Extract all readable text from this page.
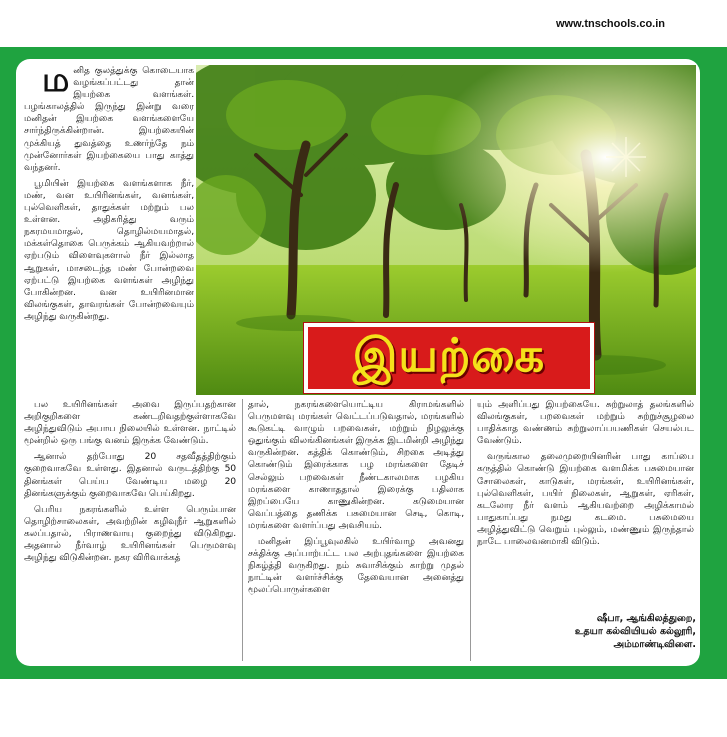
www.tnschools.co.in
இயற்கை

மனித குலத்துக்கு கொடையாக வழங்கப்பட்டது தான் இயற்கை வளங்கள். பழங்காலத்தில் இருந்து இன்று வரை மனிதன் இயற்கை வளங்களையே சார்ந்திருக்கின்றான். இயற்கையின் முக்கியத் துவத்தை உணர்ந்தே நம் முன்னோர்கள் இயற்கையை பாது காத்து வந்தனர்.

பூமியின் இயற்கை வளங்களாக நீர், மண், வன உயிரினங்கள், வனங்கள், புல்வெளிகள், தாதுக்கள் மற்றும் பல உள்ளன. அதிகரித்து வரும் நகரமயமாதல், தொழில்மயமாதல், மக்கள்தொகை பெருக்கம் ஆகியவற்றால் ஏற்படும் விளைவுகளால் நீர் இல்லாத ஆறுகள், மாசடைந்த மண் போன்றவை ஏற்பட்டு இயற்கை வளங்கள் அழிந்து போகின்றன. வன உயிரினமான விலங்குகள், தாவரங்கள் போன்றவையும் அழிந்து வருகின்றது.

பல உயிரினங்கள் அவை இருப்பதற்கான அறிகுறிகளை கண்டறிவதற்குள்ளாகவே அழிந்துவிடும் அபாய நிலையில் உள்ளன. நாட்டில் மூன்றில் ஒரு பங்கு வனம் இருக்க வேண்டும்.

ஆனால் தற்போது 20 சதவீதத்திற்கும் குறைவாகவே உள்ளது. இதனால் வருடத்திற்கு 50 தினங்கள் பெய்ய வேண்டிய மழை 20 தினங்களுக்கும் குறைவாகவே பெய்கிறது.

பெரிய நகரங்களில் உள்ள பெரும்பான தொழிற்சாலைகள், அவற்றின் கழிவுநீர் ஆறுகளில் கலப்பதால், பிராணவாயு குறைந்து விடுகிறது. அதனால் நீர்வாழ் உயிரினங்கள் பெருமளவு அழிந்து விடுகின்றன. நகர விரிவாக்கத்

தால், நகரங்களையொட்டிய கிராமங்களில் பெருமளவு மரங்கள் வெட்டப்படுவதால், மரங்களில் கூடுகட்டி வாழும் பறவைகள், மற்றும் நிழலுக்கு ஒதுங்கும் விலங்கினங்கள் இருக்க இடமின்றி அழிந்து வருகின்றன. கத்திக் கொண்டும், சிறகை அடித்து கொண்டும் இரைக்காக பழ மரங்களை தேடிச் செல்லும் பறவைகள் நீண்டகாலமாக பழகிய மரங்களை காணாததால் இரைக்கு பதிலாக இறப்பையே காணுகின்றன. கடுமையான வெப்பத்தை தணிக்க பசுமையான செடி, கொடி, மரங்களை வளர்ப்பது அவசியம்.

மனிதன் இப்பூவுலகில் உயிர்வாழ அவனது சக்திக்கு அப்பாற்பட்ட பல அற்புதங்களை இயற்கை நிகழ்த்தி வருகிறது. நம் சுவாசிக்கும் காற்று முதல் நாட்டின் வளர்ச்சிக்கு தேவையான அனைத்து மூலப்பொருள்களை

யும் அளிப்பது இயற்கையே. சுற்றுலாத் தலங்களில் விலங்குகள், பறவைகள் மற்றும் சுற்றுச்சூழலை பாதிக்காத வண்ணம் சுற்றுலாப்பயணிகள் செயல்பட வேண்டும்.

வருங்கால தலைமுறையினரின் பாது காப்பை கருத்தில் கொண்டு இயற்கை வளமிக்க பசுமையான சோலைகள், காடுகள், மரங்கள், உயிரினங்கள், புல்வெளிகள், பயிர் நிலைகள், ஆறுகள், ஏரிகள், கடலோர நீர் வளம் ஆகியவற்றை அழிக்காமல் பாதுகாப்பது நமது கடமை. பசுமையை அழித்துவிட்டு வெறும் புல்லும், மண்ணும் இருந்தால் நாடே பாலைவனமாகி விடும்.

ஷீபா, ஆங்கிலத்துறை,
உதயா கல்வியியல் கல்லூரி,
அம்மாண்டிவிளை.
